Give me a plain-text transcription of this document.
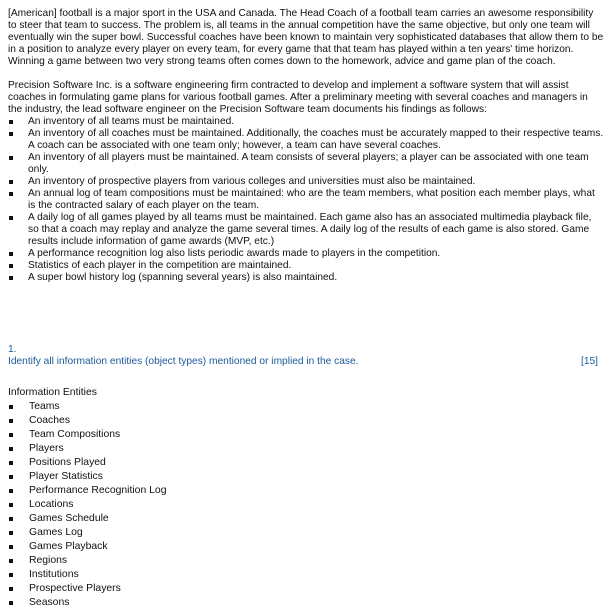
[American] football is a major sport in the USA and Canada. The Head Coach of a football team carries an awesome responsibility to steer that team to success. The problem is, all teams in the annual competition have the same objective, but only one team will eventually win the super bowl. Successful coaches have been known to maintain very sophisticated databases that allow them to be in a position to analyze every player on every team, for every game that that team has played within a ten years' time horizon. Winning a game between two very strong teams often comes down to the homework, advice and game plan of the coach.

Precision Software Inc. is a software engineering firm contracted to develop and implement a software system that will assist coaches in formulating game plans for various football games. After a preliminary meeting with several coaches and managers in the industry, the lead software engineer on the Precision Software team documents his findings as follows:

An inventory of all teams must be maintained.
An inventory of all coaches must be maintained. Additionally, the coaches must be accurately mapped to their respective teams. A coach can be associated with one team only; however, a team can have several coaches.
An inventory of all players must be maintained. A team consists of several players; a player can be associated with one team only.
An inventory of prospective players from various colleges and universities must also be maintained.
An annual log of team compositions must be maintained: who are the team members, what position each member plays, what is the contracted salary of each player on the team.
A daily log of all games played by all teams must be maintained. Each game also has an associated multimedia playback file, so that a coach may replay and analyze the game several times. A daily log of the results of each game is also stored. Game results include information of game awards (MVP, etc.)
A performance recognition log also lists periodic awards made to players in the competition.
Statistics of each player in the competition are maintained.
A super bowl history log (spanning several years) is also maintained.
1.
Identify all information entities (object types) mentioned or implied in the case.	[15]
Information Entities
Teams
Coaches
Team Compositions
Players
Positions Played
Player Statistics
Performance Recognition Log
Locations
Games Schedule
Games Log
Games Playback
Regions
Institutions
Prospective Players
Seasons
